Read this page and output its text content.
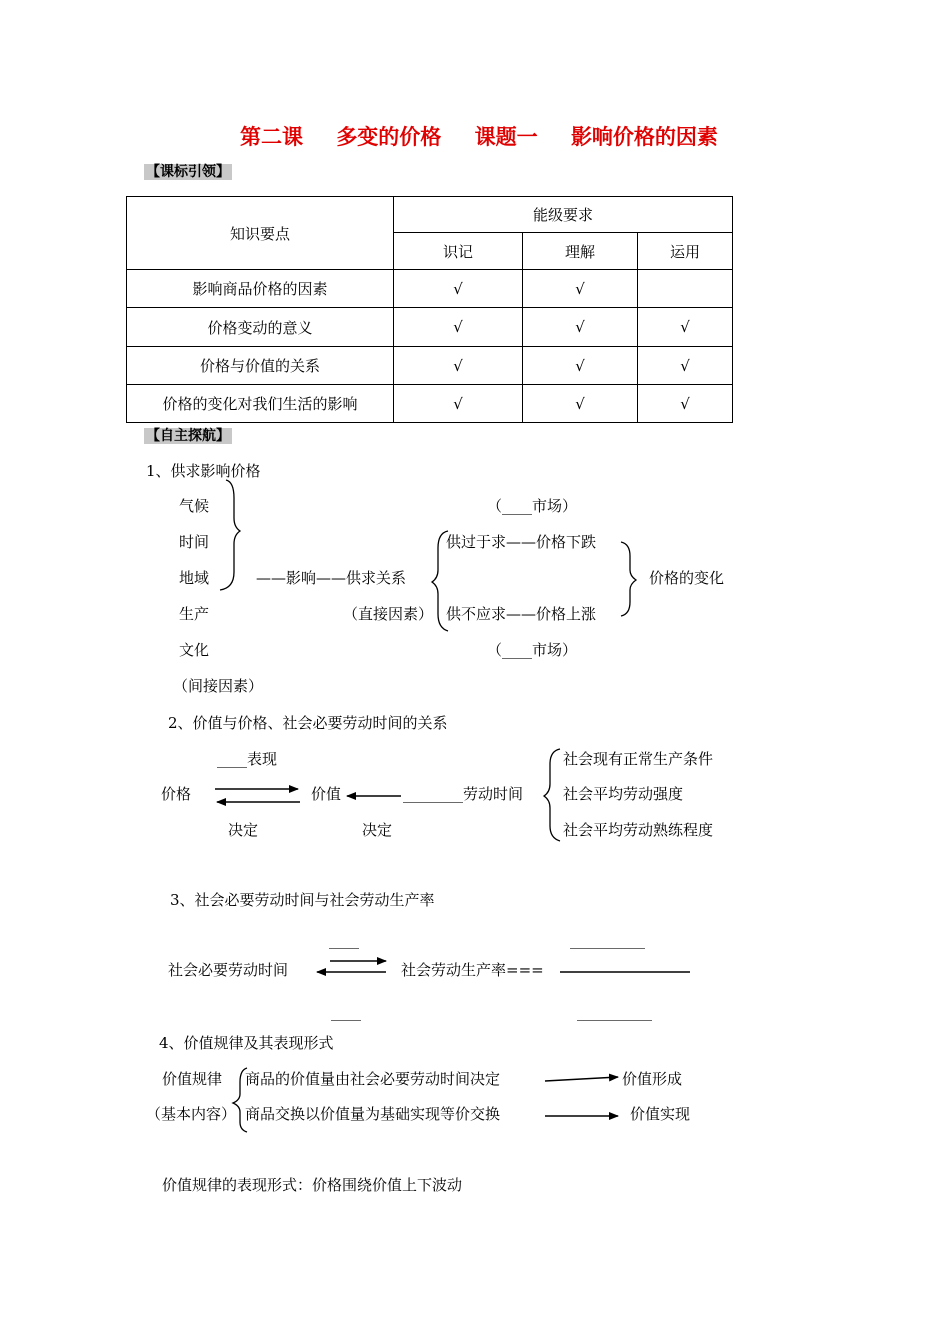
第二课 多变的价格 课题一 影响价格的因素
【课标引领】
知识要点	能级要求		
	识记	理解	运用
影响商品价格的因素	√	√	
价格变动的意义	√	√	√
价格与价值的关系	√	√	√
价格的变化对我们生活的影响	√	√	√
【自主探航】
1、供求影响价格
气候
时间
地域
生产
文化
（间接因素）
——影响——供求关系
（直接因素）
（____市场）
（____市场）
供过于求——价格下跌
供不应求——价格上涨
价格的变化
2、价值与价格、社会必要劳动时间的关系
____表现
价格	价值
决定	决定
________劳动时间
社会现有正常生产条件
社会平均劳动强度
社会平均劳动熟练程度
3、社会必要劳动时间与社会劳动生产率
____
____
社会必要劳动时间	社会劳动生产率===
__________
__________
4、价值规律及其表现形式
价值规律
（基本内容）
商品的价值量由社会必要劳动时间决定
商品交换以价值量为基础实现等价交换
价值形成
价值实现
价值规律的表现形式：价格围绕价值上下波动
